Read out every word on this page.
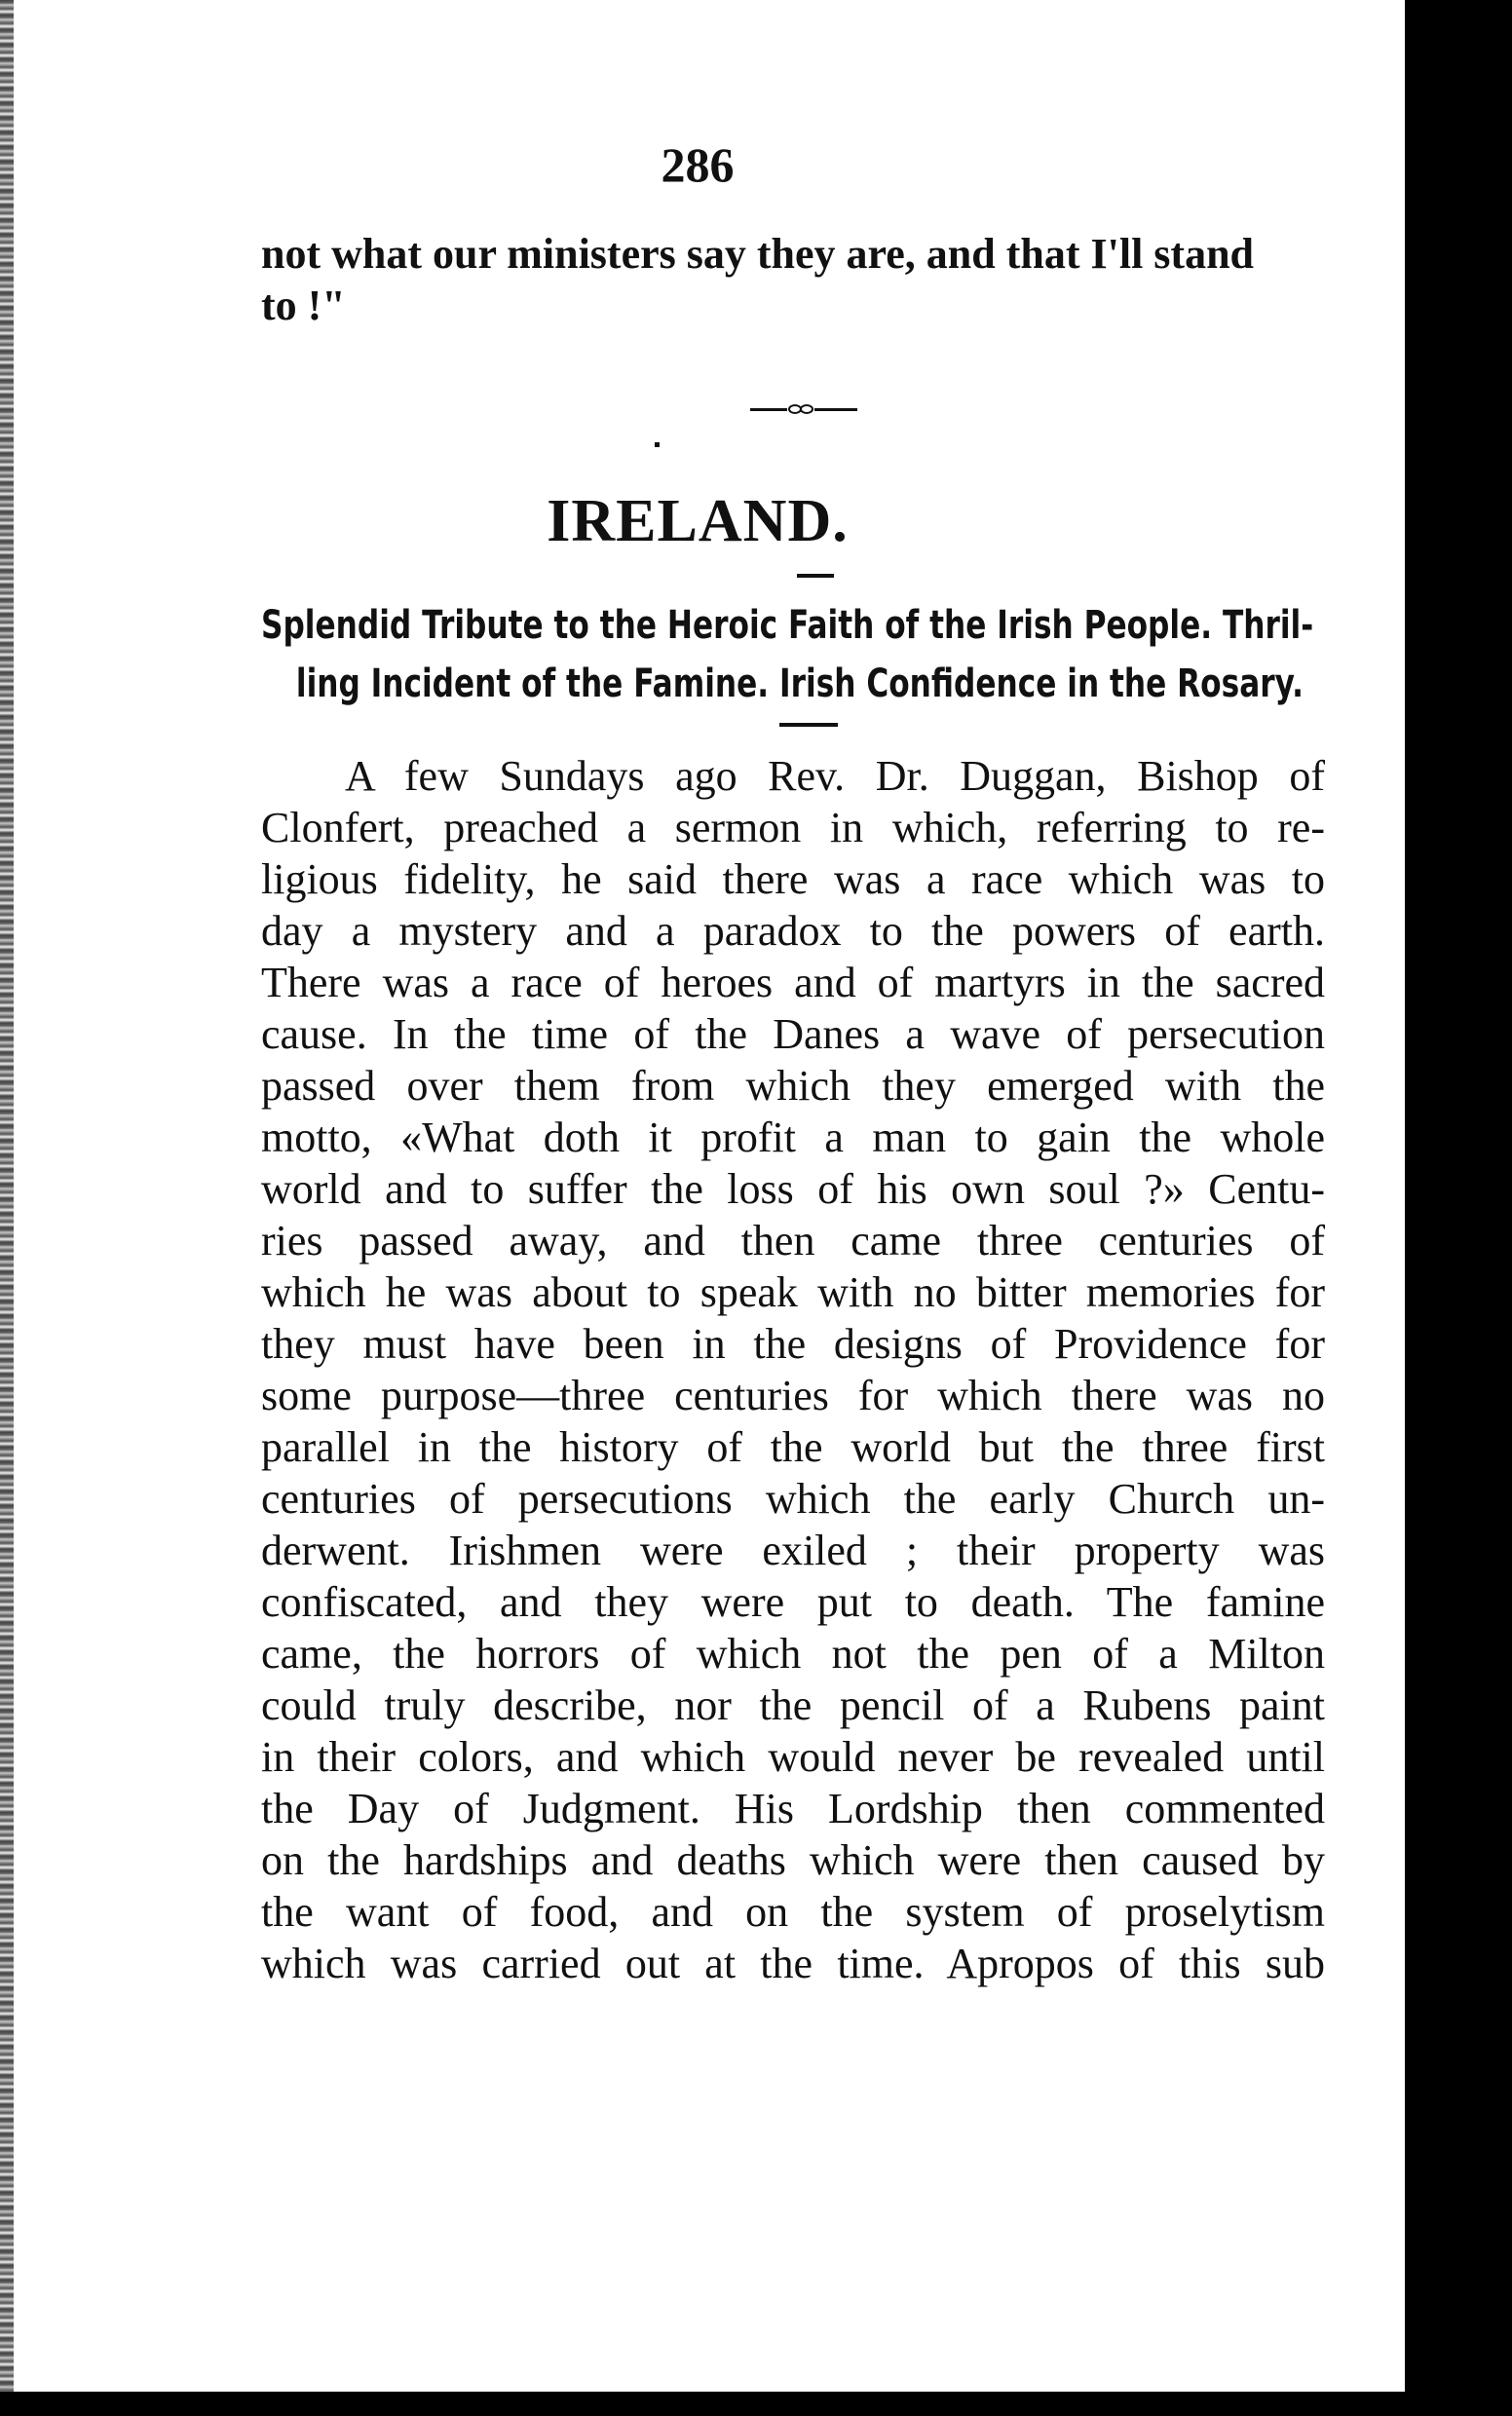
286

not what our ministers say they are, and that I'll stand
to !"
IRELAND.
Splendid Tribute to the Heroic Faith of the Irish People. Thril-
ling Incident of the Famine. Irish Confidence in the Rosary.
A few Sundays ago Rev. Dr. Duggan, Bishop of
Clonfert, preached a sermon in which, referring to re-
ligious fidelity, he said there was a race which was to
day a mystery and a paradox to the powers of earth.
There was a race of heroes and of martyrs in the sacred
cause. In the time of the Danes a wave of persecution
passed over them from which they emerged with the
motto, «What doth it profit a man to gain the whole
world and to suffer the loss of his own soul ?» Centu-
ries passed away, and then came three centuries of
which he was about to speak with no bitter memories for
they must have been in the designs of Providence for
some purpose—three centuries for which there was no
parallel in the history of the world but the three first
centuries of persecutions which the early Church un-
derwent. Irishmen were exiled ; their property was
confiscated, and they were put to death. The famine
came, the horrors of which not the pen of a Milton
could truly describe, nor the pencil of a Rubens paint
in their colors, and which would never be revealed until
the Day of Judgment. His Lordship then commented
on the hardships and deaths which were then caused by
the want of food, and on the system of proselytism
which was carried out at the time. Apropos of this sub
